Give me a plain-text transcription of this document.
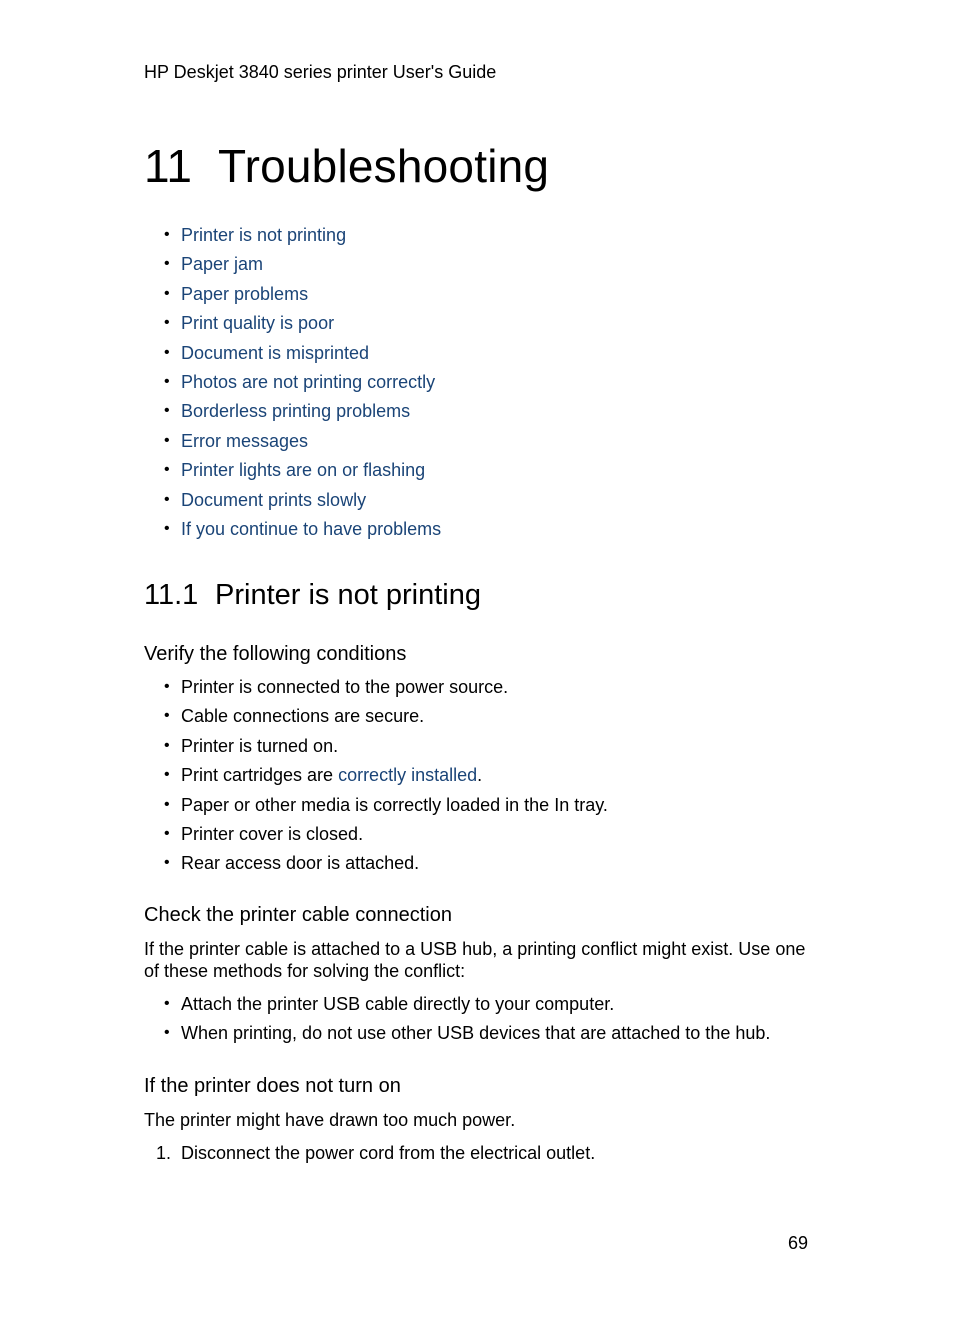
HP Deskjet 3840 series printer User's Guide
11 Troubleshooting
• Printer is not printing
• Paper jam
• Paper problems
• Print quality is poor
• Document is misprinted
• Photos are not printing correctly
• Borderless printing problems
• Error messages
• Printer lights are on or flashing
• Document prints slowly
• If you continue to have problems
11.1 Printer is not printing
Verify the following conditions
• Printer is connected to the power source.
• Cable connections are secure.
• Printer is turned on.
• Print cartridges are correctly installed.
• Paper or other media is correctly loaded in the In tray.
• Printer cover is closed.
• Rear access door is attached.
Check the printer cable connection

If the printer cable is attached to a USB hub, a printing conflict might exist. Use one of these methods for solving the conflict:

• Attach the printer USB cable directly to your computer.
• When printing, do not use other USB devices that are attached to the hub.
If the printer does not turn on

The printer might have drawn too much power.

1. Disconnect the power cord from the electrical outlet.
69
